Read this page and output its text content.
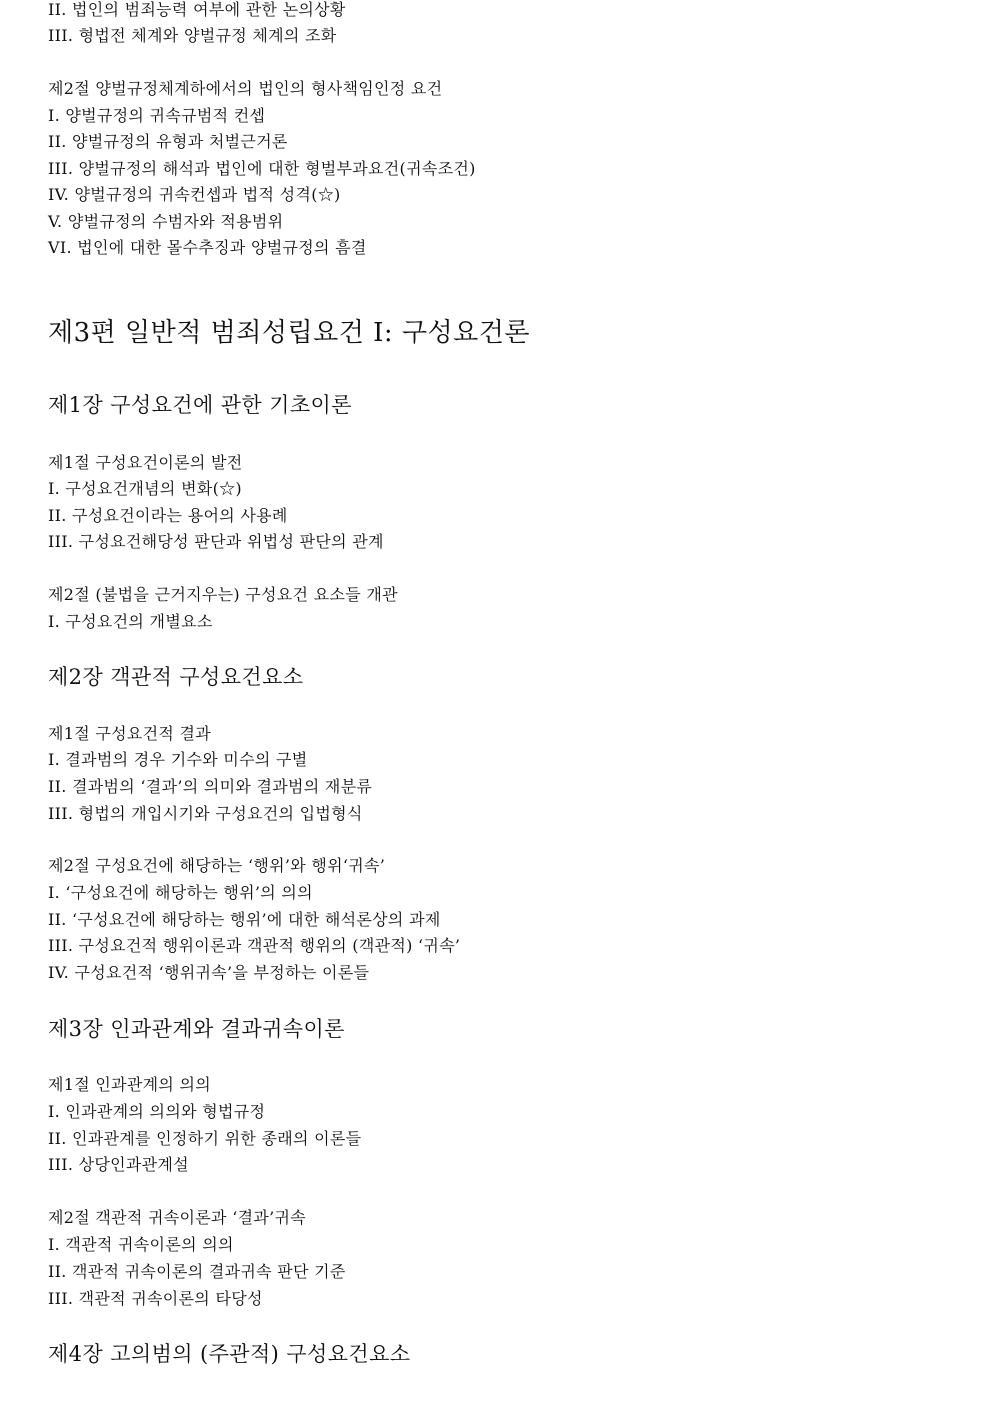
II. 법인의 범죄능력 여부에 관한 논의상황
III. 형법전 체계와 양벌규정 체계의 조화
제2절 양벌규정체계하에서의 법인의 형사책임인정 요건
I. 양벌규정의 귀속규범적 컨셉
II. 양벌규정의 유형과 처벌근거론
III. 양벌규정의 해석과 법인에 대한 형벌부과요건(귀속조건)
IV. 양벌규정의 귀속컨셉과 법적 성격(☆)
V. 양벌규정의 수범자와 적용범위
VI. 법인에 대한 몰수추징과 양벌규정의 흠결
제3편 일반적 범죄성립요건 I: 구성요건론
제1장 구성요건에 관한 기초이론
제1절 구성요건이론의 발전
I. 구성요건개념의 변화(☆)
II. 구성요건이라는 용어의 사용례
III. 구성요건해당성 판단과 위법성 판단의 관계
제2절 (불법을 근거지우는) 구성요건 요소들 개관
I. 구성요건의 개별요소
제2장 객관적 구성요건요소
제1절 구성요건적 결과
I. 결과범의 경우 기수와 미수의 구별
II. 결과범의 ‘결과’의 의미와 결과범의 재분류
III. 형법의 개입시기와 구성요건의 입법형식
제2절 구성요건에 해당하는 ‘행위’와 행위‘귀속’
I. ‘구성요건에 해당하는 행위’의 의의
II. ‘구성요건에 해당하는 행위’에 대한 해석론상의 과제
III. 구성요건적 행위이론과 객관적 행위의 (객관적) ‘귀속’
IV. 구성요건적 ‘행위귀속’을 부정하는 이론들
제3장 인과관계와 결과귀속이론
제1절 인과관계의 의의
I. 인과관계의 의의와 형법규정
II. 인과관계를 인정하기 위한 종래의 이론들
III. 상당인과관계설
제2절 객관적 귀속이론과 ‘결과’귀속
I. 객관적 귀속이론의 의의
II. 객관적 귀속이론의 결과귀속 판단 기준
III. 객관적 귀속이론의 타당성
제4장 고의범의 (주관적) 구성요건요소
